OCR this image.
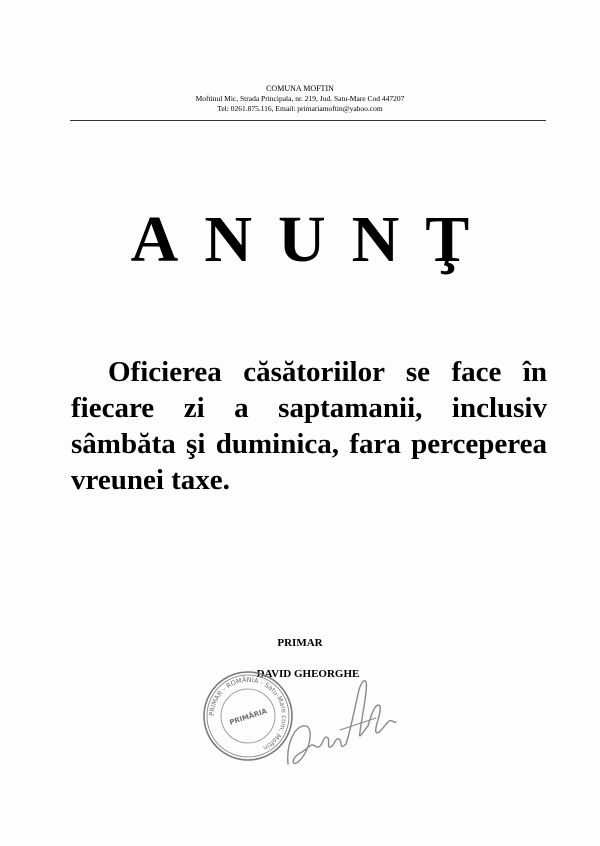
COMUNA MOFTIN
Moftinul Mic, Strada Principala, nr. 219, Jud. Satu-Mare Cod 447207
Tel: 0261.875.116, Email: primariamoftin@yahoo.com
ANUNŢ

Oficierea căsătoriilor se face în fiecare zi a saptamanii, inclusiv sâmbăta şi duminica, fara perceperea vreunei taxe.

PRIMAR
DAVID GHEORGHE
PRIMAR - ROMÂNIA - Satu-Mare com. Moftin
PRIMĂRIA
